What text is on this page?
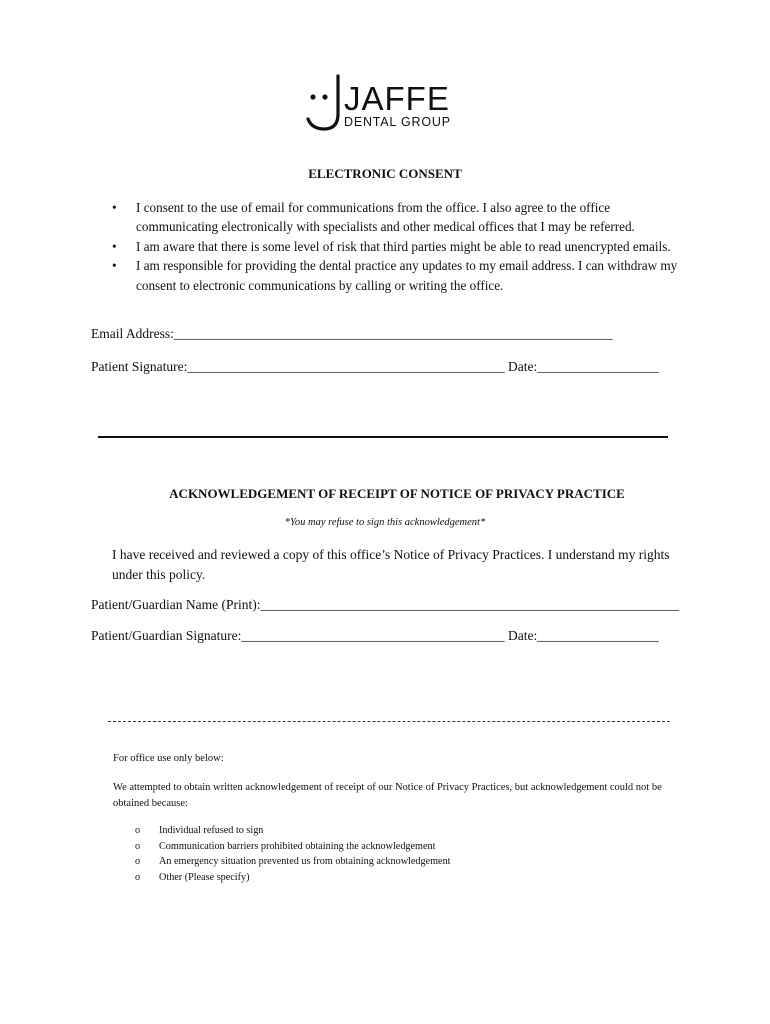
JAFFE
DENTAL GROUP
ELECTRONIC CONSENT
• I consent to the use of email for communications from the office. I also agree to the office communicating electronically with specialists and other medical offices that I may be referred.
• I am aware that there is some level of risk that third parties might be able to read unencrypted emails.
• I am responsible for providing the dental practice any updates to my email address. I can withdraw my consent to electronic communications by calling or writing the office.
Email Address:_________________________________________________________________
Patient Signature:_______________________________________________ Date:__________________
ACKNOWLEDGEMENT OF RECEIPT OF NOTICE OF PRIVACY PRACTICE
*You may refuse to sign this acknowledgement*
I have received and reviewed a copy of this office’s Notice of Privacy Practices. I understand my rights under this policy.
Patient/Guardian Name (Print):______________________________________________________________
Patient/Guardian Signature:_______________________________________ Date:__________________
For office use only below:
We attempted to obtain written acknowledgement of receipt of our Notice of Privacy Practices, but acknowledgement could not be obtained because:
o Individual refused to sign
o Communication barriers prohibited obtaining the acknowledgement
o An emergency situation prevented us from obtaining acknowledgement
o Other (Please specify)
